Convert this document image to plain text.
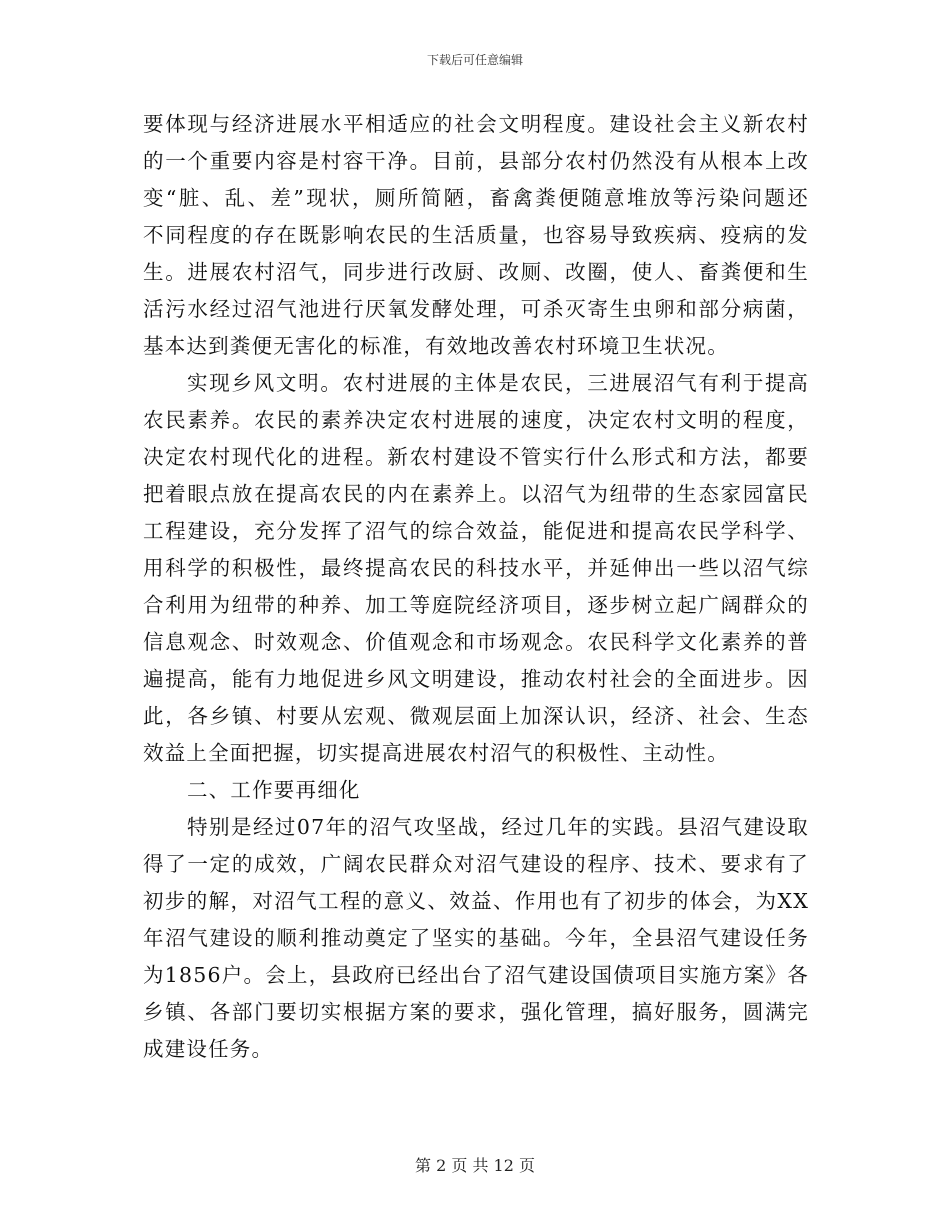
下载后可任意编辑
要体现与经济进展水平相适应的社会文明程度。建设社会主义新农村
的一个重要内容是村容干净。目前，县部分农村仍然没有从根本上改
变“脏、乱、差”现状，厕所简陋，畜禽粪便随意堆放等污染问题还
不同程度的存在既影响农民的生活质量，也容易导致疾病、疫病的发
生。进展农村沼气，同步进行改厨、改厕、改圈，使人、畜粪便和生
活污水经过沼气池进行厌氧发酵处理，可杀灭寄生虫卵和部分病菌，
基本达到粪便无害化的标准，有效地改善农村环境卫生状况。
实现乡风文明。农村进展的主体是农民，三进展沼气有利于提高
农民素养。农民的素养决定农村进展的速度，决定农村文明的程度，
决定农村现代化的进程。新农村建设不管实行什么形式和方法，都要
把着眼点放在提高农民的内在素养上。以沼气为纽带的生态家园富民
工程建设，充分发挥了沼气的综合效益，能促进和提高农民学科学、
用科学的积极性，最终提高农民的科技水平，并延伸出一些以沼气综
合利用为纽带的种养、加工等庭院经济项目，逐步树立起广阔群众的
信息观念、时效观念、价值观念和市场观念。农民科学文化素养的普
遍提高，能有力地促进乡风文明建设，推动农村社会的全面进步。因
此，各乡镇、村要从宏观、微观层面上加深认识，经济、社会、生态
效益上全面把握，切实提高进展农村沼气的积极性、主动性。
二、工作要再细化
特别是经过07年的沼气攻坚战，经过几年的实践。县沼气建设取
得了一定的成效，广阔农民群众对沼气建设的程序、技术、要求有了
初步的解，对沼气工程的意义、效益、作用也有了初步的体会，为XX
年沼气建设的顺利推动奠定了坚实的基础。今年，全县沼气建设任务
为1856户。会上，县政府已经出台了沼气建设国债项目实施方案》各
乡镇、各部门要切实根据方案的要求，强化管理，搞好服务，圆满完
成建设任务。
第 2 页 共 12 页
